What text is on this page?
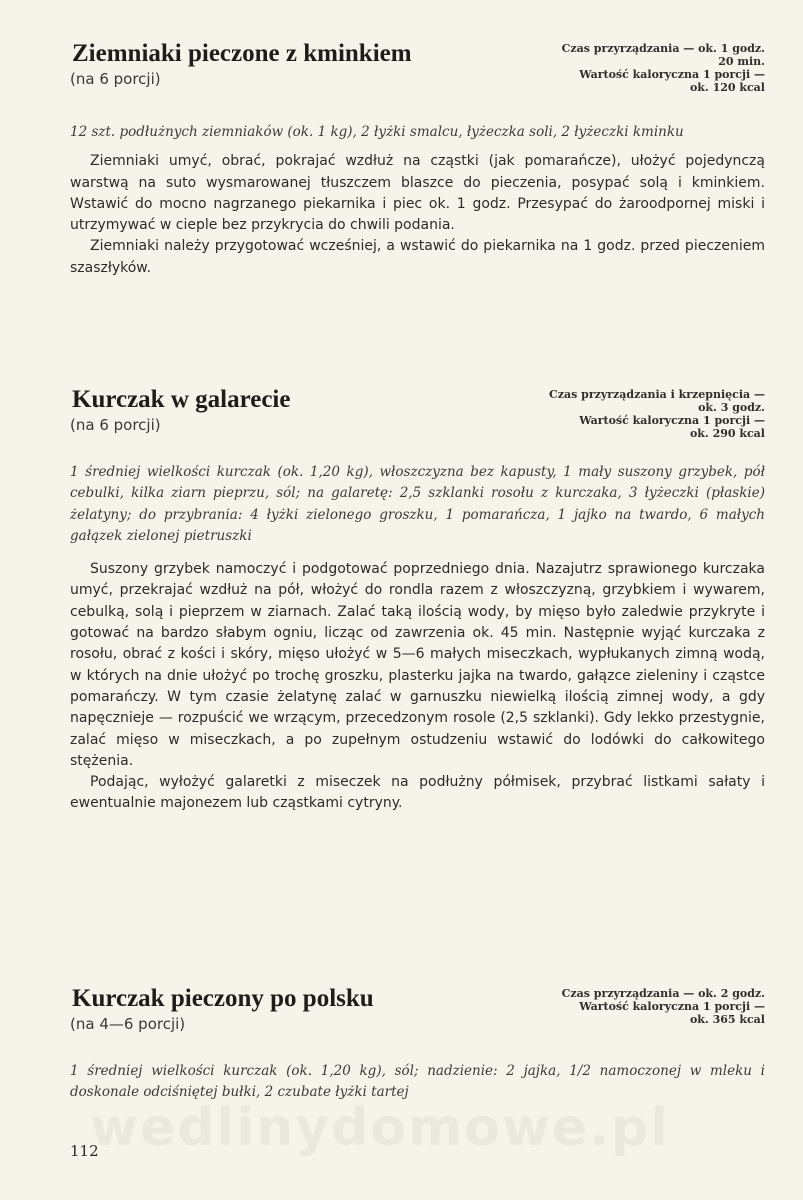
Ziemniaki pieczone z kminkiem
(na 6 porcji)
Czas przyrządzania — ok. 1 godz.
20 min.
Wartość kaloryczna 1 porcji —
ok. 120 kcal

12 szt. podłużnych ziemniaków (ok. 1 kg), 2 łyżki smalcu, łyżeczka soli, 2 łyżeczki kminku

Ziemniaki umyć, obrać, pokrajać wzdłuż na cząstki (jak pomarańcze), ułożyć pojedynczą warstwą na suto wysmarowanej tłuszczem blaszce do pieczenia, posypać solą i kminkiem. Wstawić do mocno nagrzanego piekarnika i piec ok. 1 godz. Przesypać do żaroodpornej miski i utrzymywać w cieple bez przykrycia do chwili podania.

Ziemniaki należy przygotować wcześniej, a wstawić do piekarnika na 1 godz. przed pieczeniem szaszłyków.

Kurczak w galarecie
(na 6 porcji)
Czas przyrządzania i krzepnięcia —
ok. 3 godz.
Wartość kaloryczna 1 porcji —
ok. 290 kcal

1 średniej wielkości kurczak (ok. 1,20 kg), włoszczyzna bez kapusty, 1 mały suszony grzybek, pół cebulki, kilka ziarn pieprzu, sól; na galaretę: 2,5 szklanki rosołu z kurczaka, 3 łyżeczki (płaskie) żelatyny; do przybrania: 4 łyżki zielonego groszku, 1 pomarańcza, 1 jajko na twardo, 6 małych gałązek zielonej pietruszki

Suszony grzybek namoczyć i podgotować poprzedniego dnia. Nazajutrz sprawionego kurczaka umyć, przekrajać wzdłuż na pół, włożyć do rondla razem z włoszczyzną, grzybkiem i wywarem, cebulką, solą i pieprzem w ziarnach. Zalać taką ilością wody, by mięso było zaledwie przykryte i gotować na bardzo słabym ogniu, licząc od zawrzenia ok. 45 min. Następnie wyjąć kurczaka z rosołu, obrać z kości i skóry, mięso ułożyć w 5—6 małych miseczkach, wypłukanych zimną wodą, w których na dnie ułożyć po trochę groszku, plasterku jajka na twardo, gałązce zieleniny i cząstce pomarańczy. W tym czasie żelatynę zalać w garnuszku niewielką ilością zimnej wody, a gdy napęcznieje — rozpuścić we wrzącym, przecedzonym rosole (2,5 szklanki). Gdy lekko przestygnie, zalać mięso w miseczkach, a po zupełnym ostudzeniu wstawić do lodówki do całkowitego stężenia.

Podając, wyłożyć galaretki z miseczek na podłużny półmisek, przybrać listkami sałaty i ewentualnie majonezem lub cząstkami cytryny.

Kurczak pieczony po polsku
(na 4—6 porcji)
Czas przyrządzania — ok. 2 godz.
Wartość kaloryczna 1 porcji —
ok. 365 kcal

1 średniej wielkości kurczak (ok. 1,20 kg), sól; nadzienie: 2 jajka, 1/2 namoczonej w mleku i doskonale odciśniętej bułki, 2 czubate łyżki tartej

wedlinydomowe.pl
112
